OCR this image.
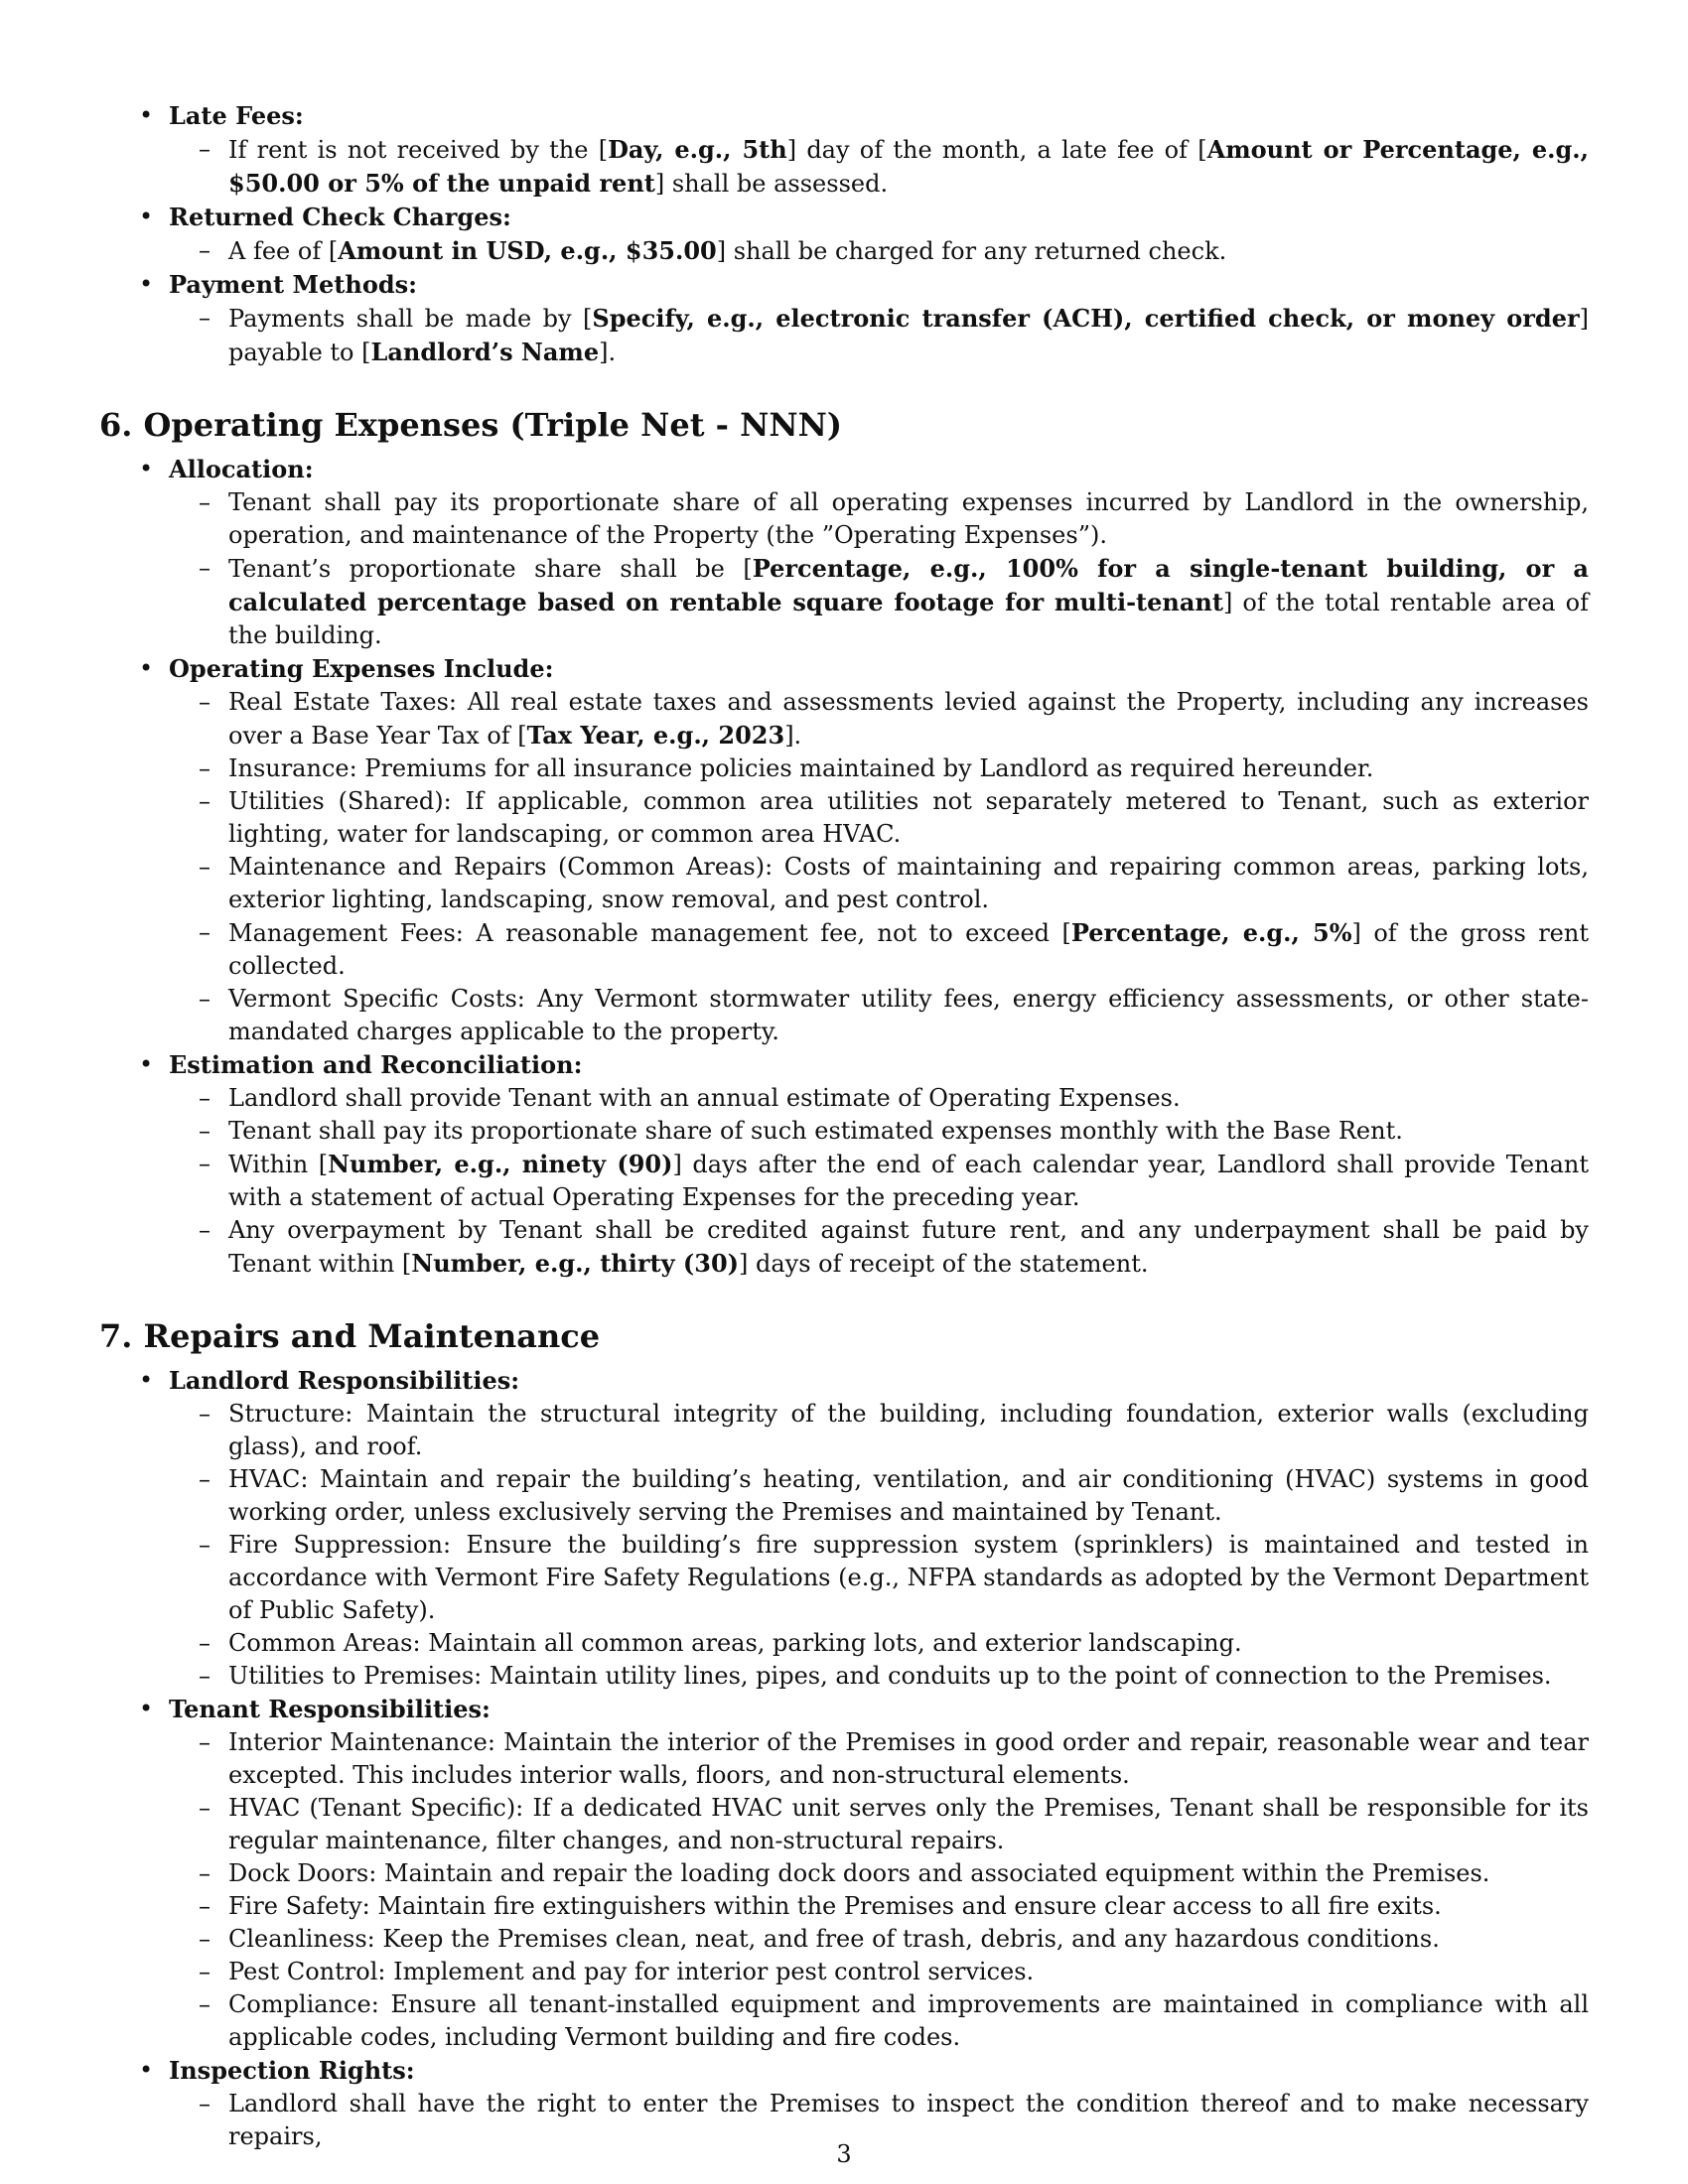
• Late Fees:
– If rent is not received by the [Day, e.g., 5th] day of the month, a late fee of [Amount or Percentage, e.g., $50.00 or 5% of the unpaid rent] shall be assessed.
• Returned Check Charges:
– A fee of [Amount in USD, e.g., $35.00] shall be charged for any returned check.
• Payment Methods:
– Payments shall be made by [Specify, e.g., electronic transfer (ACH), certified check, or money order] payable to [Landlord’s Name].
6. Operating Expenses (Triple Net - NNN)
• Allocation:
– Tenant shall pay its proportionate share of all operating expenses incurred by Landlord in the ownership, operation, and maintenance of the Property (the ”Operating Expenses”).
– Tenant’s proportionate share shall be [Percentage, e.g., 100% for a single-tenant building, or a calculated percentage based on rentable square footage for multi-tenant] of the total rentable area of the building.
• Operating Expenses Include:
– Real Estate Taxes: All real estate taxes and assessments levied against the Property, including any increases over a Base Year Tax of [Tax Year, e.g., 2023].
– Insurance: Premiums for all insurance policies maintained by Landlord as required hereunder.
– Utilities (Shared): If applicable, common area utilities not separately metered to Tenant, such as exterior lighting, water for landscaping, or common area HVAC.
– Maintenance and Repairs (Common Areas): Costs of maintaining and repairing common areas, parking lots, exterior lighting, landscaping, snow removal, and pest control.
– Management Fees: A reasonable management fee, not to exceed [Percentage, e.g., 5%] of the gross rent collected.
– Vermont Specific Costs: Any Vermont stormwater utility fees, energy efficiency assessments, or other state-mandated charges applicable to the property.
• Estimation and Reconciliation:
– Landlord shall provide Tenant with an annual estimate of Operating Expenses.
– Tenant shall pay its proportionate share of such estimated expenses monthly with the Base Rent.
– Within [Number, e.g., ninety (90)] days after the end of each calendar year, Landlord shall provide Tenant with a statement of actual Operating Expenses for the preceding year.
– Any overpayment by Tenant shall be credited against future rent, and any underpayment shall be paid by Tenant within [Number, e.g., thirty (30)] days of receipt of the statement.
7. Repairs and Maintenance
• Landlord Responsibilities:
– Structure: Maintain the structural integrity of the building, including foundation, exterior walls (excluding glass), and roof.
– HVAC: Maintain and repair the building’s heating, ventilation, and air conditioning (HVAC) systems in good working order, unless exclusively serving the Premises and maintained by Tenant.
– Fire Suppression: Ensure the building’s fire suppression system (sprinklers) is maintained and tested in accordance with Vermont Fire Safety Regulations (e.g., NFPA standards as adopted by the Vermont Department of Public Safety).
– Common Areas: Maintain all common areas, parking lots, and exterior landscaping.
– Utilities to Premises: Maintain utility lines, pipes, and conduits up to the point of connection to the Premises.
• Tenant Responsibilities:
– Interior Maintenance: Maintain the interior of the Premises in good order and repair, reasonable wear and tear excepted. This includes interior walls, floors, and non-structural elements.
– HVAC (Tenant Specific): If a dedicated HVAC unit serves only the Premises, Tenant shall be responsible for its regular maintenance, filter changes, and non-structural repairs.
– Dock Doors: Maintain and repair the loading dock doors and associated equipment within the Premises.
– Fire Safety: Maintain fire extinguishers within the Premises and ensure clear access to all fire exits.
– Cleanliness: Keep the Premises clean, neat, and free of trash, debris, and any hazardous conditions.
– Pest Control: Implement and pay for interior pest control services.
– Compliance: Ensure all tenant-installed equipment and improvements are maintained in compliance with all applicable codes, including Vermont building and fire codes.
• Inspection Rights:
– Landlord shall have the right to enter the Premises to inspect the condition thereof and to make necessary repairs,
3
